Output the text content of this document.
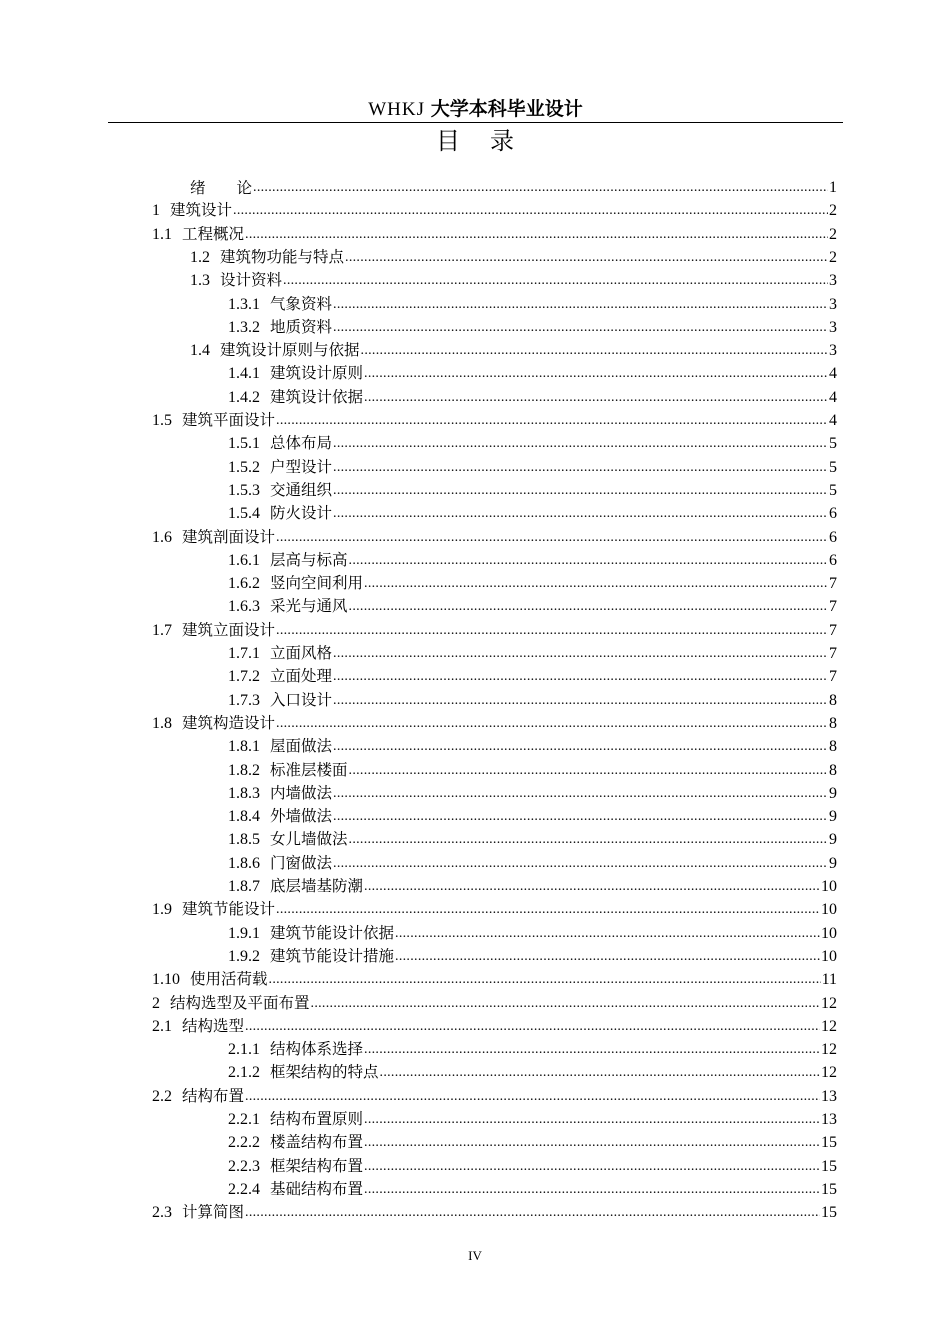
WHKJ 大学本科毕业设计
目录
绪　　论 .....	1
1 建筑设计 .....	2
1.1 工程概况 .....	2
1.2 建筑物功能与特点 .....	2
1.3 设计资料 .....	3
1.3.1 气象资料 .....	3
1.3.2 地质资料 .....	3
1.4 建筑设计原则与依据 .....	3
1.4.1 建筑设计原则 .....	4
1.4.2 建筑设计依据 .....	4
1.5 建筑平面设计 .....	4
1.5.1 总体布局 .....	5
1.5.2 户型设计 .....	5
1.5.3 交通组织 .....	5
1.5.4 防火设计 .....	6
1.6 建筑剖面设计 .....	6
1.6.1 层高与标高 .....	6
1.6.2 竖向空间利用 .....	7
1.6.3 采光与通风 .....	7
1.7 建筑立面设计 .....	7
1.7.1 立面风格 .....	7
1.7.2 立面处理 .....	7
1.7.3 入口设计 .....	8
1.8 建筑构造设计 .....	8
1.8.1 屋面做法 .....	8
1.8.2 标准层楼面 .....	8
1.8.3 内墙做法 .....	9
1.8.4 外墙做法 .....	9
1.8.5 女儿墙做法 .....	9
1.8.6 门窗做法 .....	9
1.8.7 底层墙基防潮 .....	10
1.9 建筑节能设计 .....	10
1.9.1 建筑节能设计依据 .....	10
1.9.2 建筑节能设计措施 .....	10
1.10 使用活荷载 .....	11
2 结构选型及平面布置 .....	12
2.1 结构选型 .....	12
2.1.1 结构体系选择 .....	12
2.1.2 框架结构的特点 .....	12
2.2 结构布置 .....	13
2.2.1 结构布置原则 .....	13
2.2.2 楼盖结构布置 .....	15
2.2.3 框架结构布置 .....	15
2.2.4 基础结构布置 .....	15
2.3 计算简图 .....	15
IV
